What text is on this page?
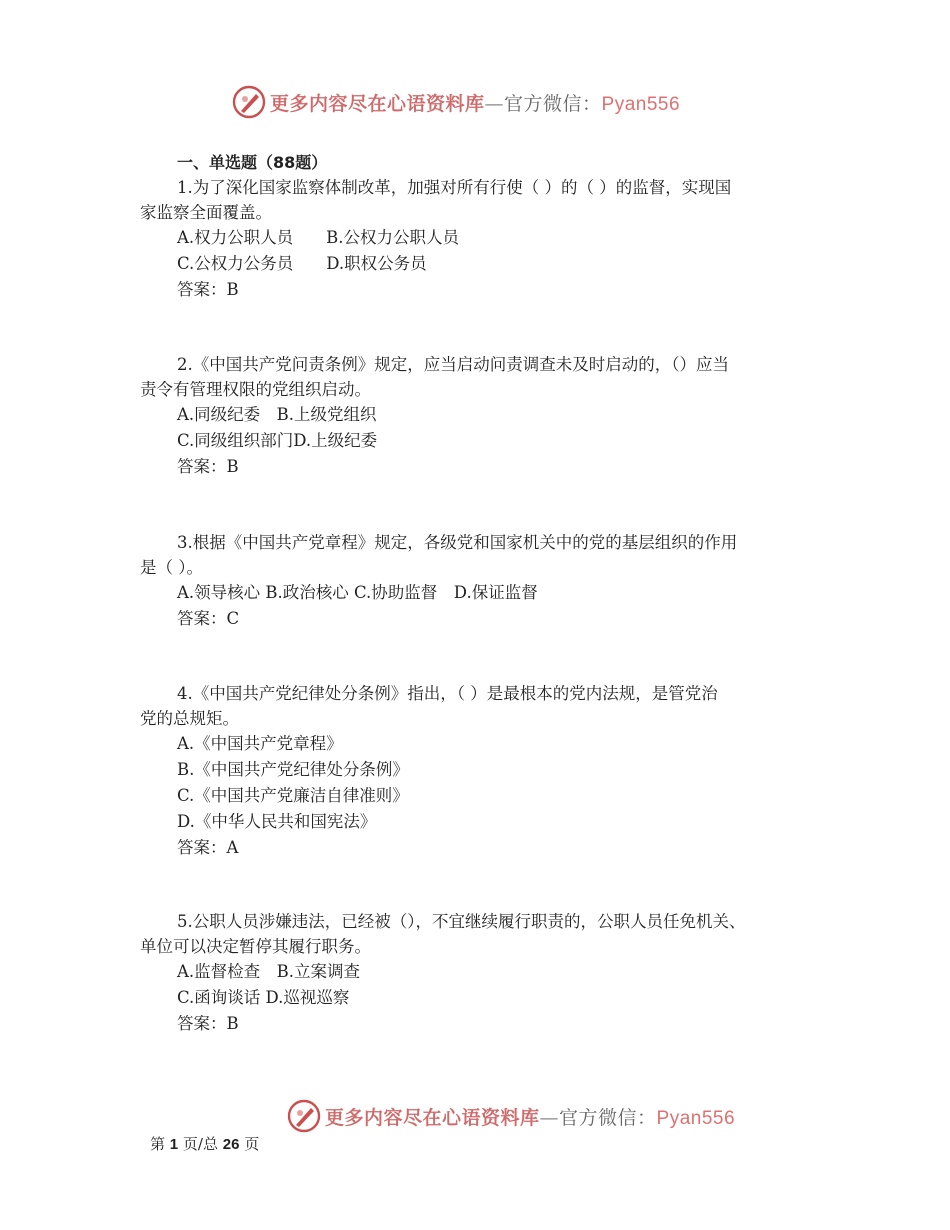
更多内容尽在心语资料库—官方微信：Pyan556
一、单选题（88题）
1.为了深化国家监察体制改革，加强对所有行使（ ）的（ ）的监督，实现国
家监察全面覆盖。
A.权力公职人员　　B.公权力公职人员
C.公权力公务员　　D.职权公务员
答案：B
2.《中国共产党问责条例》规定，应当启动问责调查未及时启动的，（）应当
责令有管理权限的党组织启动。
A.同级纪委　B.上级党组织
C.同级组织部门D.上级纪委
答案：B
3.根据《中国共产党章程》规定，各级党和国家机关中的党的基层组织的作用
是（ ）。
A.领导核心 B.政治核心 C.协助监督　D.保证监督
答案：C
4.《中国共产党纪律处分条例》指出，（ ）是最根本的党内法规，是管党治
党的总规矩。
A.《中国共产党章程》
B.《中国共产党纪律处分条例》
C.《中国共产党廉洁自律准则》
D.《中华人民共和国宪法》
答案：A
5.公职人员涉嫌违法，已经被（），不宜继续履行职责的，公职人员任免机关、
单位可以决定暂停其履行职务。
A.监督检查　B.立案调查
C.函询谈话 D.巡视巡察
答案：B
更多内容尽在心语资料库—官方微信：Pyan556
第 1 页/总 26 页
